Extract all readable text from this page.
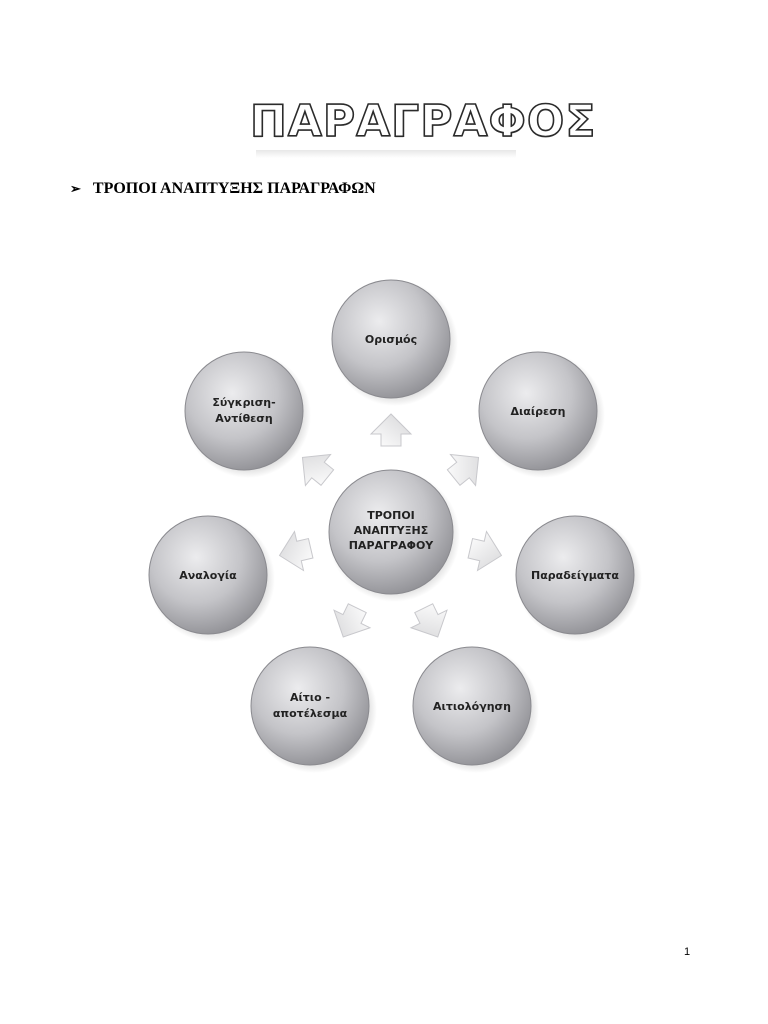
ΠΑΡΑΓΡΑΦΟΣ
➢ ΤΡΟΠΟΙ ΑΝΑΠΤΥΞΗΣ ΠΑΡΑΓΡΑΦΩΝ
ΤΡΟΠΟΙ
ΑΝΑΠΤΥΞΗΣ
ΠΑΡΑΓΡΑΦΟΥ
Ορισμός
Διαίρεση
Παραδείγματα
Αιτιολόγηση
Αίτιο -
αποτέλεσμα
Αναλογία
Σύγκριση-
Αντίθεση
1
